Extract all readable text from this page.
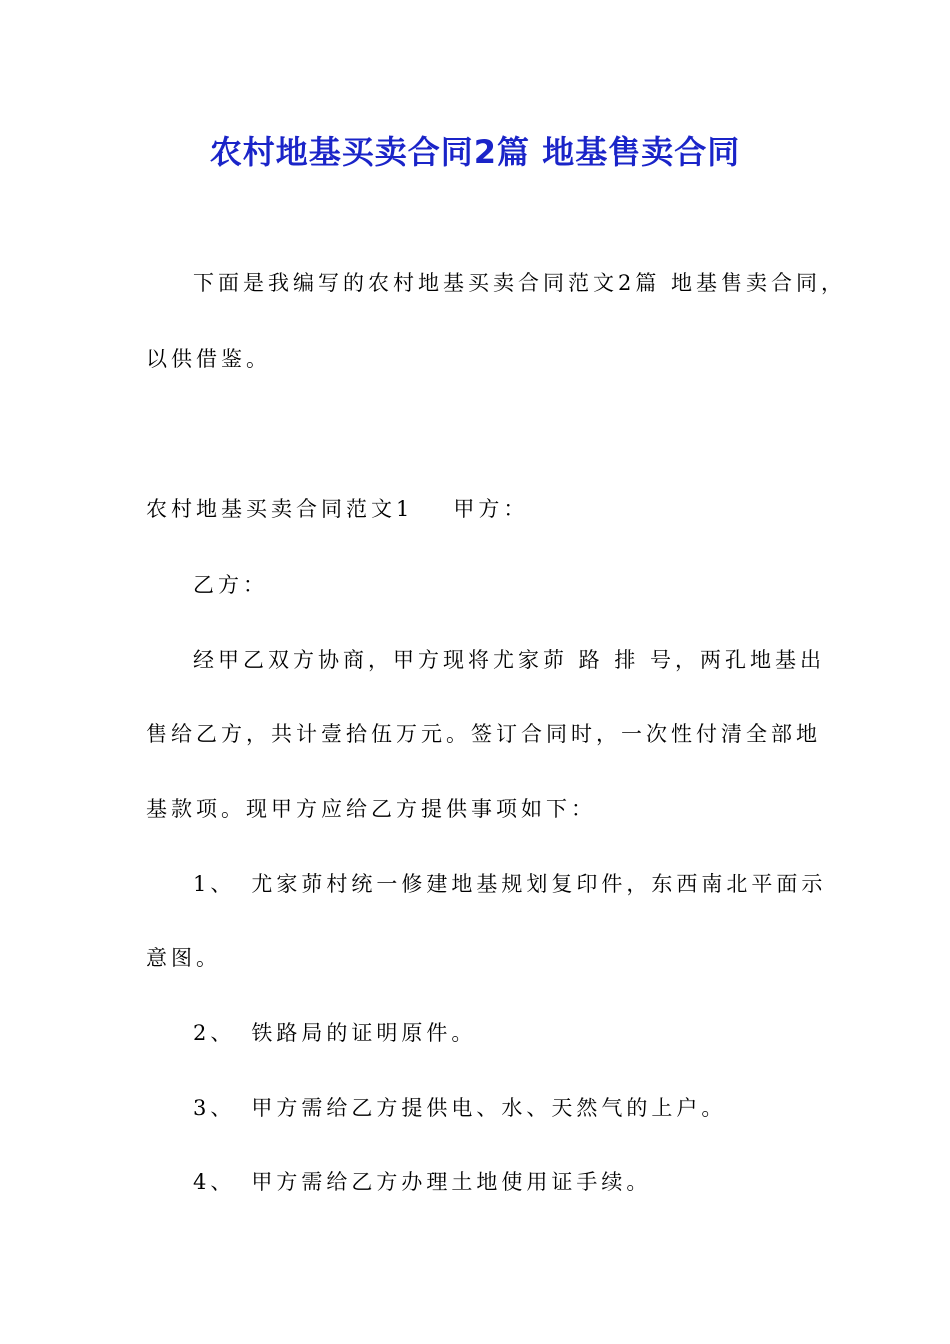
农村地基买卖合同2篇 地基售卖合同
下面是我编写的农村地基买卖合同范文2篇 地基售卖合同，
以供借鉴。
农村地基买卖合同范文1 甲方：
乙方：
经甲乙双方协商，甲方现将尤家茆 路 排 号，两孔地基出
售给乙方，共计壹拾伍万元。签订合同时，一次性付清全部地
基款项。现甲方应给乙方提供事项如下：
1、 尤家茆村统一修建地基规划复印件，东西南北平面示
意图。
2、 铁路局的证明原件。
3、 甲方需给乙方提供电、水、天然气的上户。
4、 甲方需给乙方办理土地使用证手续。
